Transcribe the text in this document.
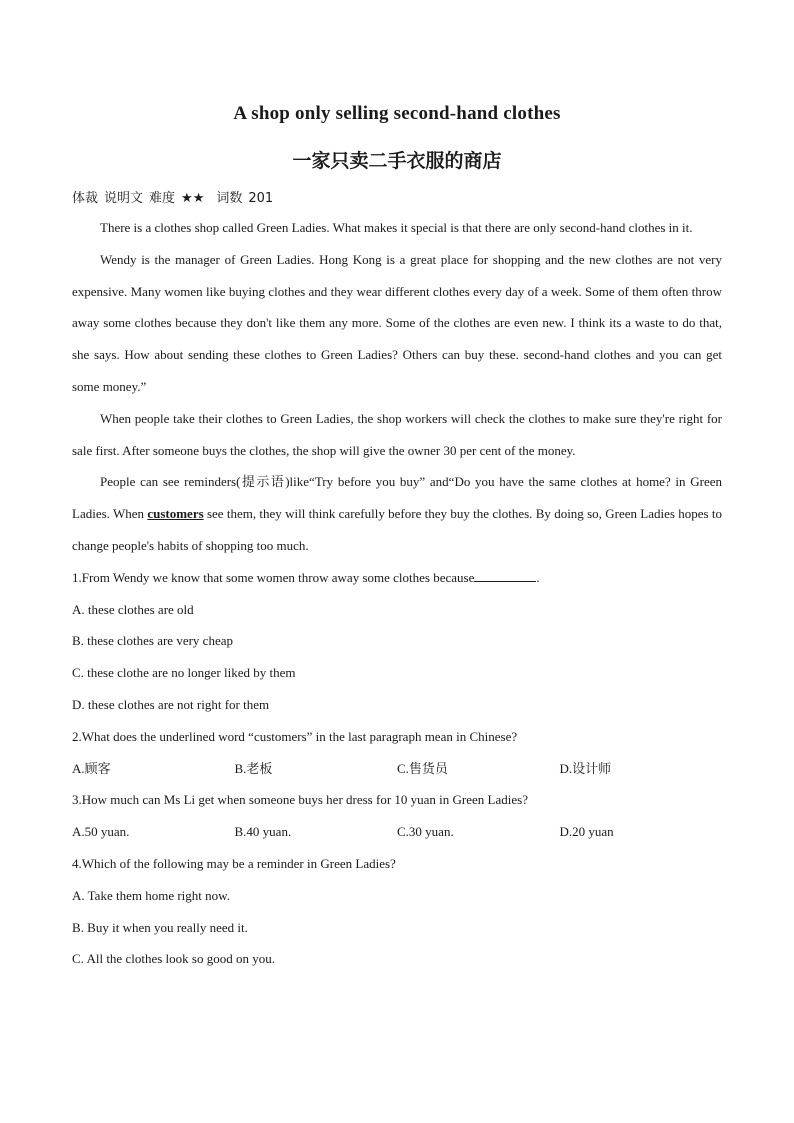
A shop only selling second-hand clothes
一家只卖二手衣服的商店
体裁 说明文 难度 ★★ 词数 201

There is a clothes shop called Green Ladies. What makes it special is that there are only second-hand clothes in it.

Wendy is the manager of Green Ladies. Hong Kong is a great place for shopping and the new clothes are not very expensive. Many women like buying clothes and they wear different clothes every day of a week. Some of them often throw away some clothes because they don't like them any more. Some of the clothes are even new. I think its a waste to do that, she says. How about sending these clothes to Green Ladies? Others can buy these. second-hand clothes and you can get some money.”

When people take their clothes to Green Ladies, the shop workers will check the clothes to make sure they're right for sale first. After someone buys the clothes, the shop will give the owner 30 per cent of the money.

People can see reminders(提示语)like“Try before you buy” and“Do you have the same clothes at home? in Green Ladies. When customers see them, they will think carefully before they buy the clothes. By doing so, Green Ladies hopes to change people's habits of shopping too much.

1.From Wendy we know that some women throw away some clothes because	.

A. these clothes are old

B. these clothes are very cheap

C. these clothe are no longer liked by them

D. these clothes are not right for them

2.What does the underlined word “customers” in the last paragraph mean in Chinese?

A.顾客	B.老板	C.售货员	D.设计师

3.How much can Ms Li get when someone buys her dress for 10 yuan in Green Ladies?

A.50 yuan.	B.40 yuan.	C.30 yuan.	D.20 yuan

4.Which of the following may be a reminder in Green Ladies?

A. Take them home right now.

B. Buy it when you really need it.

C. All the clothes look so good on you.
